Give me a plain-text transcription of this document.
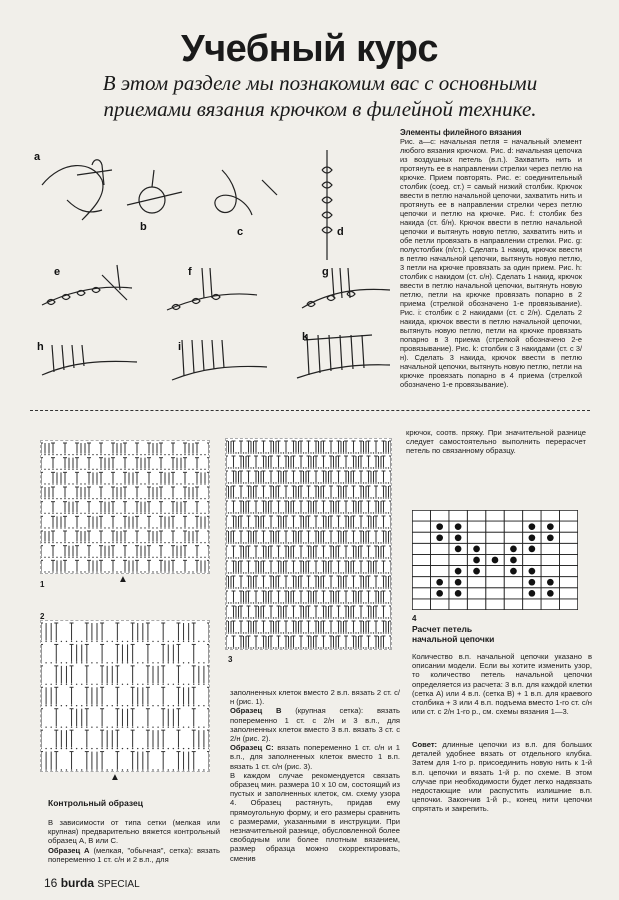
Учебный курс
В этом разделе мы познакомим вас с основными
приемами вязания крючком в филейной технике.
a
b	c	d
e	f	g
h	i
k
Элементы филейного вязания
Рис. a—c: начальная петля = начальный элемент любого вязания крючком. Рис. d: начальная цепочка из воздушных петель (в.п.). Захватить нить и протянуть ее в направлении стрелки через петлю на крючке. Прием повторять. Рис. e: соединительный столбик (соед. ст.) = самый низкий столбик. Крючок ввести в петлю начальной цепочки, захватить нить и протянуть ее в направлении стрелки через петлю цепочки и петлю на крючке. Рис. f: столбик без накида (ст. б/н). Крючок ввести в петлю начальной цепочки и вытянуть новую петлю, захватить нить и обе петли провязать в направлении стрелки. Рис. g: полустолбик (п/ст.). Сделать 1 накид, крючок ввести в петлю начальной цепочки, вытянуть новую петлю, 3 петли на крючке провязать за один прием. Рис. h: столбик с накидом (ст. с/н). Сделать 1 накид, крючок ввести в петлю начальной цепочки, вытянуть новую петлю, петли на крючке провязать попарно в 2 приема (стрелкой обозначено 1-е провязывание). Рис. i: столбик с 2 накидами (ст. с 2/н). Сделать 2 накида, крючок ввести в петлю начальной цепочки, вытянуть новую петлю, петли на крючке провязать попарно в 3 приема (стрелкой обозначено 2-е провязывание). Рис. k: столбик с 3 накидами (ст. с 3/н). Сделать 3 накида, крючок ввести в петлю начальной цепочки, вытянуть новую петлю, петли на крючке провязать попарно в 4 приема (стрелкой обозначено 1-е провязывание).
1	▲
2
▲
3
крючок, соотв. пряжу. При значительной разнице следует самостоятельно выполнить перерасчет петель по связанному образцу.
4
Расчет петель
начальной цепочки
Количество в.п. начальной цепочки указано в описании модели. Если вы хотите изменить узор, то количество петель начальной цепочки определяется из расчета: 3 в.п. для каждой клетки (сетка А) или 4 в.п. (сетка В) + 1 в.п. для краевого столбика + 3 или 4 в.п. подъема вместо 1-го ст. с/н или ст. с 2/н 1-го р., см. схемы вязания 1—3.
Совет: длинные цепочки из в.п. для больших деталей удобнее вязать от отдельного клубка. Затем для 1-го р. присоединить новую нить к 1-й в.п. цепочки и вязать 1-й р. по схеме. В этом случае при необходимости будет легко надвязать недостающие или распустить излишние в.п. цепочки. Закончив 1-й р., конец нити цепочки спрятать и закрепить.
Контрольный образец
В зависимости от типа сетки (мелкая или крупная) предварительно вяжется контрольный образец А, В или С.
Образец А (мелкая, "обычная", сетка): вязать попеременно 1 ст. с/н и 2 в.п., для
заполненных клеток вместо 2 в.п. вязать 2 ст. с/н (рис. 1).
Образец В (крупная сетка): вязать попеременно 1 ст. с 2/н и 3 в.п., для заполненных клеток вместо 3 в.п. вязать 3 ст. с 2/н (рис. 2).
Образец С: вязать попеременно 1 ст. с/н и 1 в.п., для заполненных клеток вместо 1 в.п. вязать 1 ст. с/н (рис. 3).
В каждом случае рекомендуется связать образец мин. размера 10 х 10 см, состоящий из пустых и заполненных клеток, см. схему узора 4. Образец растянуть, придав ему прямоугольную форму, и его размеры сравнить с размерами, указанными в инструкции. При незначительной разнице, обусловленной более свободным или более плотным вязанием, размер образца можно скорректировать, сменив
16 burda SPECIAL
